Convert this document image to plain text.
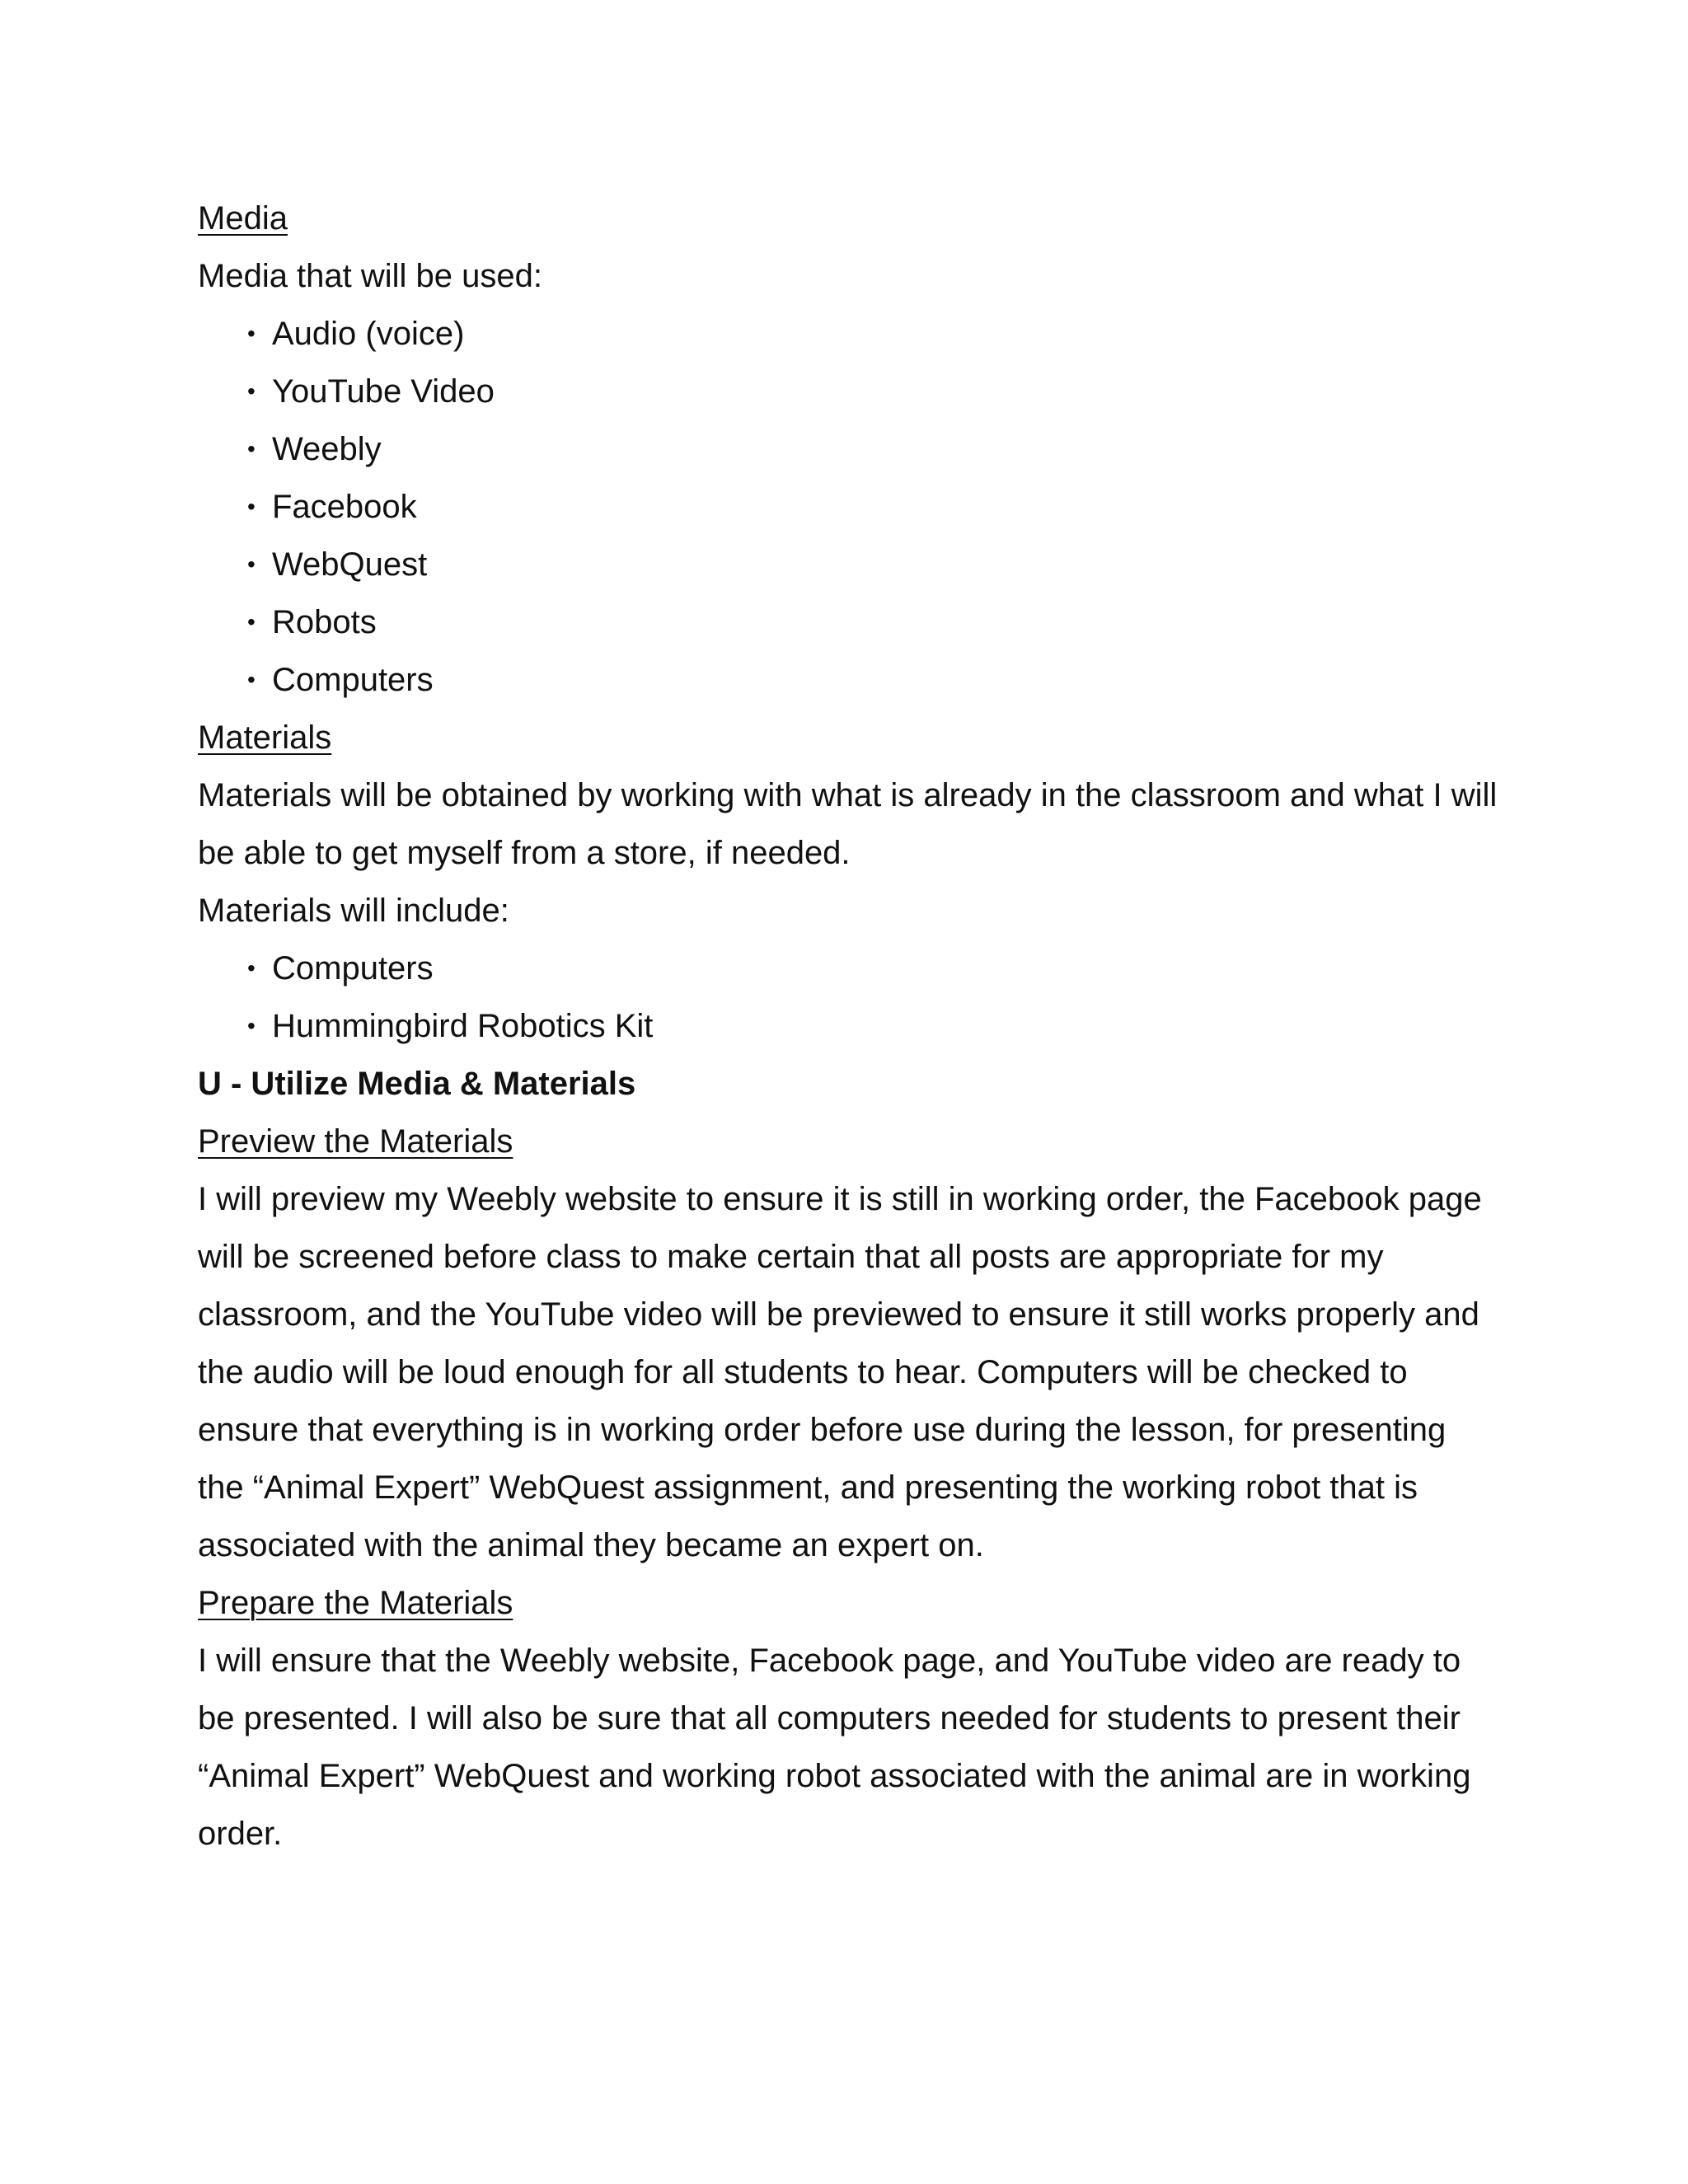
Media

Media that will be used:

• Audio (voice)
• YouTube Video
• Weebly
• Facebook
• WebQuest
• Robots
• Computers
Materials

Materials will be obtained by working with what is already in the classroom and what I will be able to get myself from a store, if needed.

Materials will include:

• Computers
• Hummingbird Robotics Kit
U - Utilize Media & Materials
Preview the Materials

I will preview my Weebly website to ensure it is still in working order, the Facebook page will be screened before class to make certain that all posts are appropriate for my classroom, and the YouTube video will be previewed to ensure it still works properly and the audio will be loud enough for all students to hear. Computers will be checked to ensure that everything is in working order before use during the lesson, for presenting the “Animal Expert” WebQuest assignment, and presenting the working robot that is associated with the animal they became an expert on.

Prepare the Materials

I will ensure that the Weebly website, Facebook page, and YouTube video are ready to be presented. I will also be sure that all computers needed for students to present their “Animal Expert” WebQuest and working robot associated with the animal are in working order.
